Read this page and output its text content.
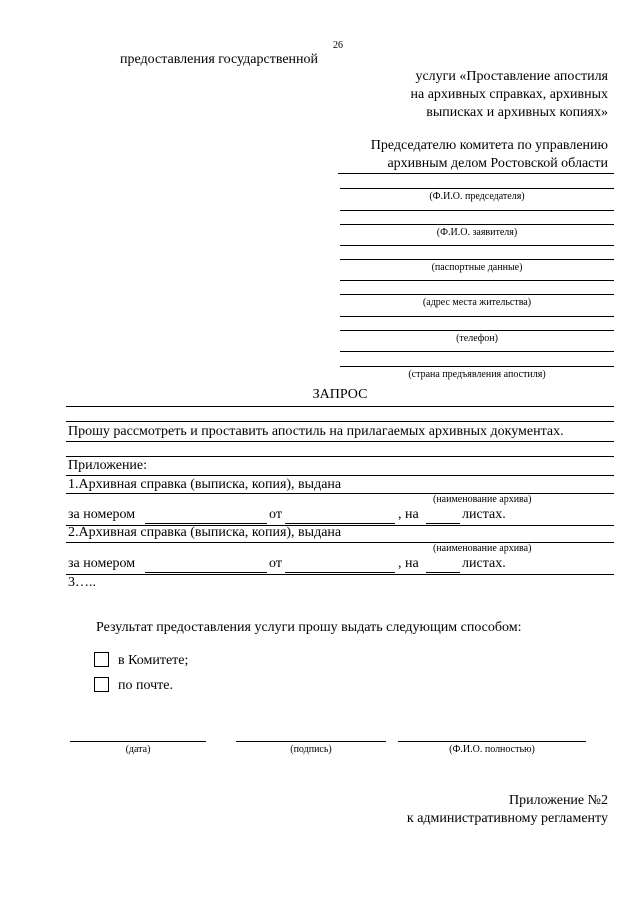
26
предоставления государственной
услуги «Проставление апостиля
на архивных справках, архивных
выписках и архивных копиях»
Председателю комитета по управлению
архивным делом Ростовской области
(Ф.И.О. председателя)
(Ф.И.О. заявителя)
(паспортные данные)
(адрес места жительства)
(телефон)
(страна предъявления апостиля)
ЗАПРОС
Прошу рассмотреть и проставить апостиль на прилагаемых архивных документах.
Приложение:
1.Архивная справка (выписка, копия), выдана
(наименование архива)
за номером	от	, на	листах.
2.Архивная справка (выписка, копия), выдана
(наименование архива)
за номером	от	, на	листах.
3…..
Результат предоставления услуги прошу выдать следующим способом:
в Комитете;
по почте.
(дата)	(подпись)	(Ф.И.О. полностью)
Приложение №2
к административному регламенту
